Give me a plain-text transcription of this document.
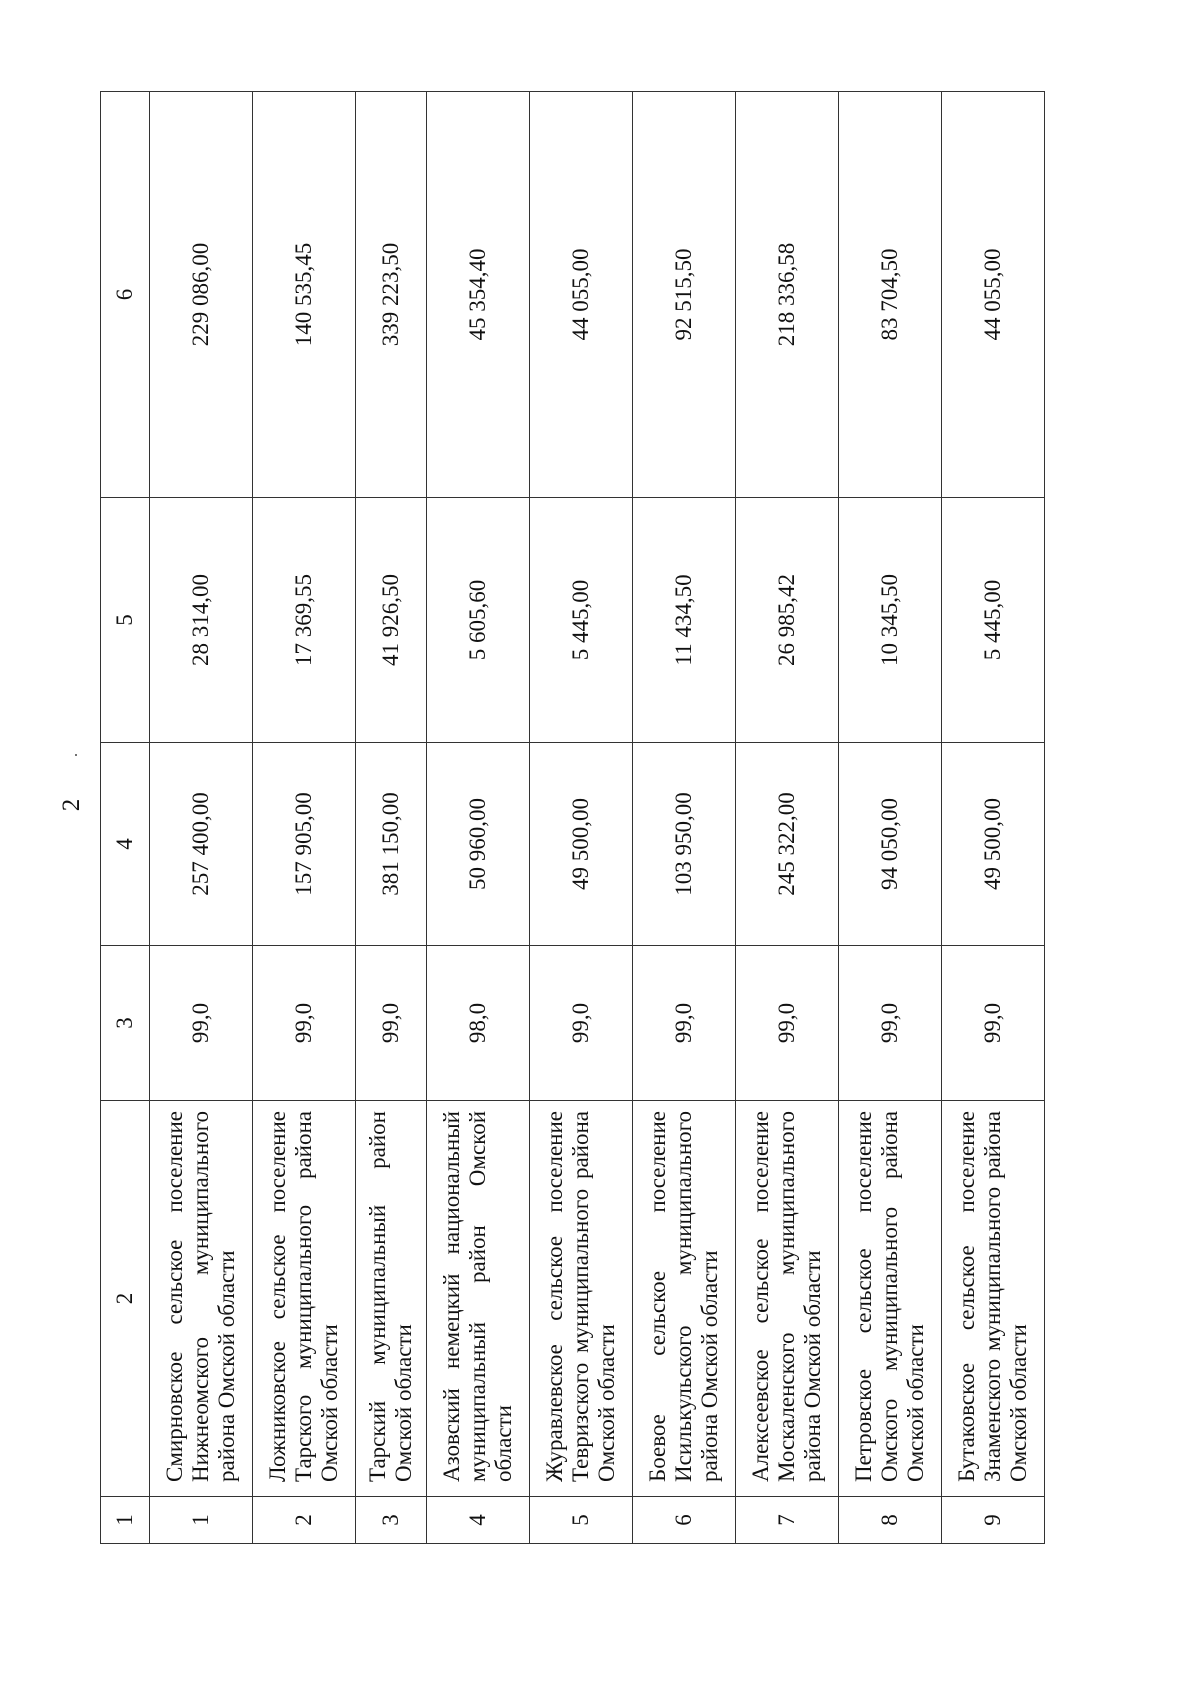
2
1	2	3	4	5	6
1	Смирновское сельское поселение Нижнеомского муниципального района Омской области	99,0	257 400,00	28 314,00	229 086,00
2	Ложниковское сельское поселение Тарского муниципального района Омской области	99,0	157 905,00	17 369,55	140 535,45
3	Тарский муниципальный район Омской области	99,0	381 150,00	41 926,50	339 223,50
4	Азовский немецкий национальный муниципальный район Омской области	98,0	50 960,00	5 605,60	45 354,40
5	Журавлевское сельское поселение Тевризского муниципального района Омской области	99,0	49 500,00	5 445,00	44 055,00
6	Боевое сельское поселение Исилькульского муниципального района Омской области	99,0	103 950,00	11 434,50	92 515,50
7	Алексеевское сельское поселение Москаленского муниципального района Омской области	99,0	245 322,00	26 985,42	218 336,58
8	Петровское сельское поселение Омского муниципального района Омской области	99,0	94 050,00	10 345,50	83 704,50
9	Бутаковское сельское поселение Знаменского муниципального района Омской области	99,0	49 500,00	5 445,00	44 055,00
